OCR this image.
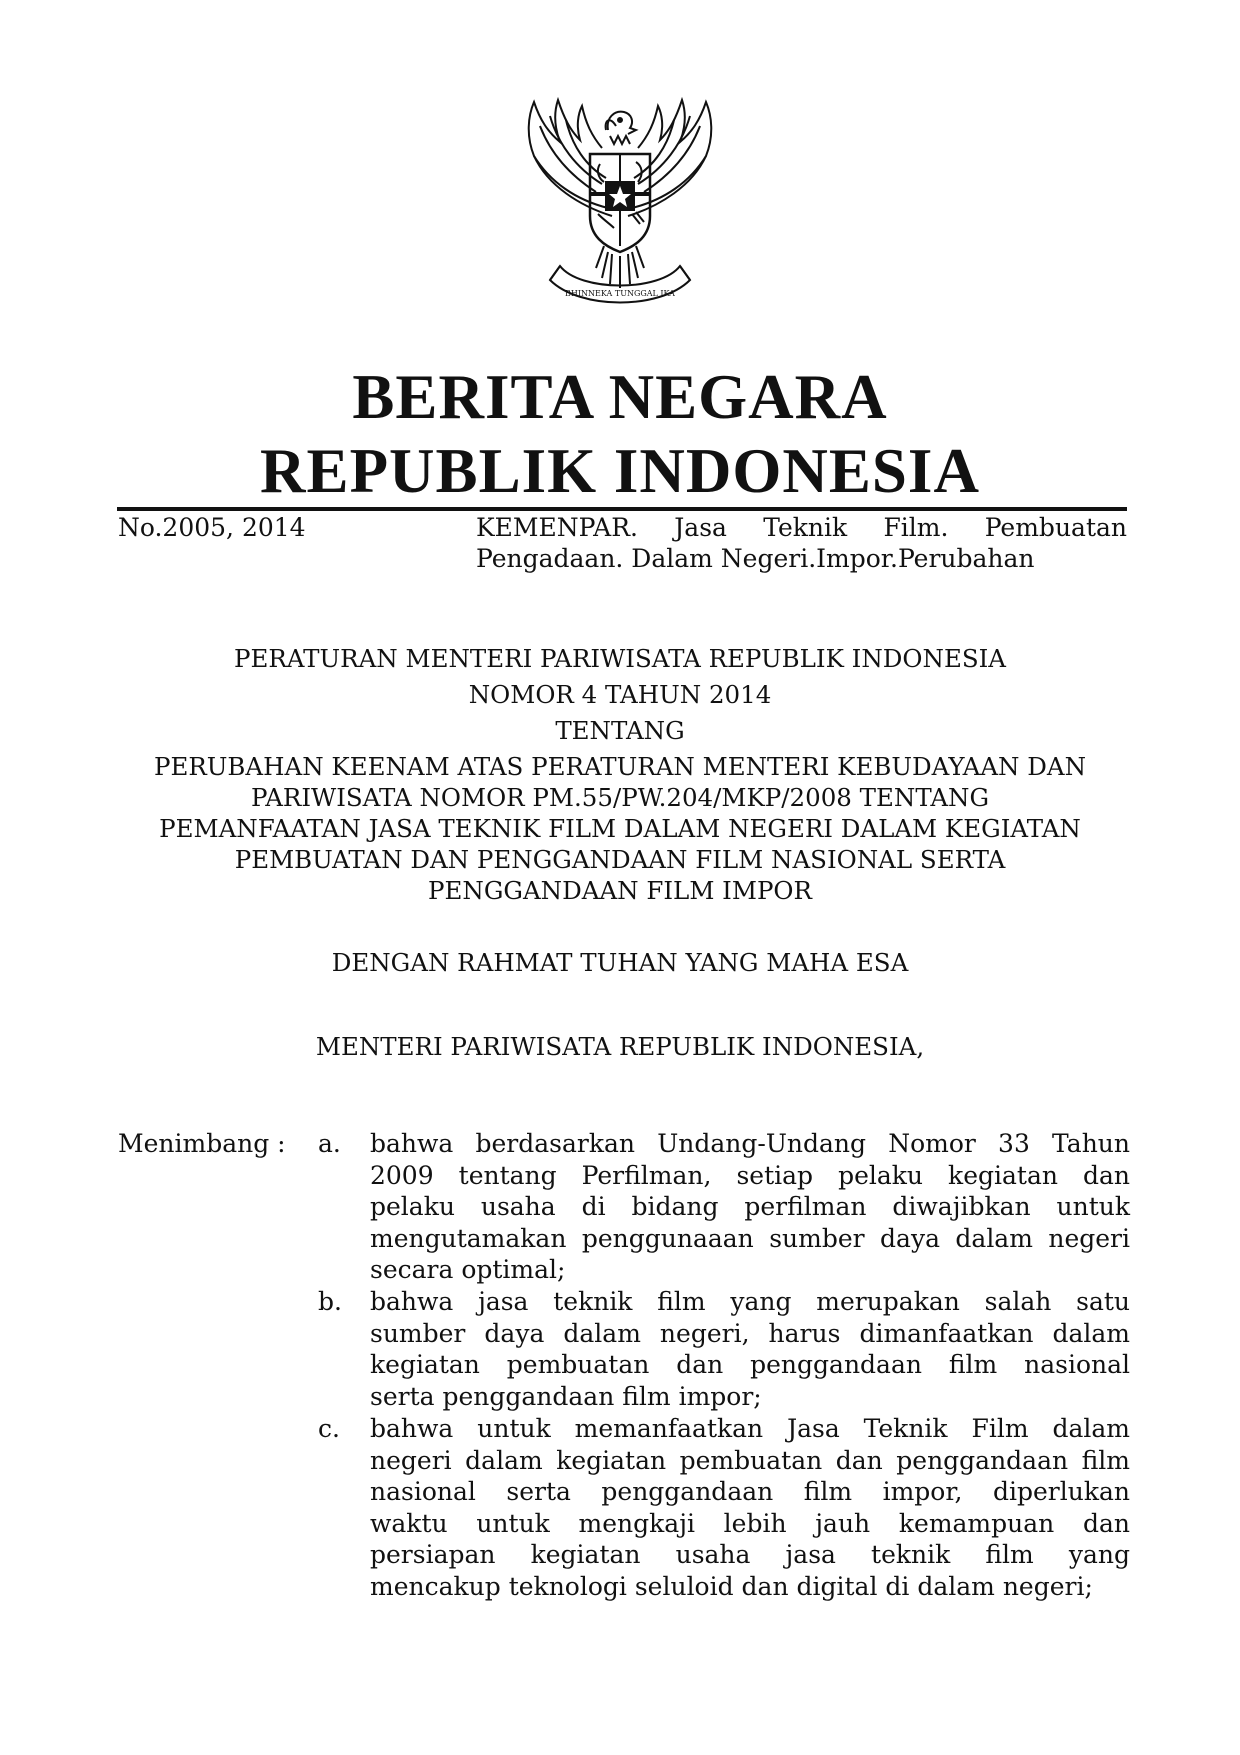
BHINNEKA TUNGGAL IKA
BERITA NEGARA
REPUBLIK INDONESIA
No.2005, 2014	KEMENPAR. Jasa Teknik Film. Pembuatan
Pengadaan. Dalam Negeri.Impor.Perubahan
PERATURAN MENTERI PARIWISATA REPUBLIK INDONESIA
NOMOR 4 TAHUN 2014
TENTANG
PERUBAHAN KEENAM ATAS PERATURAN MENTERI KEBUDAYAAN DAN
PARIWISATA NOMOR PM.55/PW.204/MKP/2008 TENTANG
PEMANFAATAN JASA TEKNIK FILM DALAM NEGERI DALAM KEGIATAN
PEMBUATAN DAN PENGGANDAAN FILM NASIONAL SERTA
PENGGANDAAN FILM IMPOR
DENGAN RAHMAT TUHAN YANG MAHA ESA
MENTERI PARIWISATA REPUBLIK INDONESIA,
Menimbang : a. bahwa berdasarkan Undang-Undang Nomor 33 Tahun
2009 tentang Perfilman, setiap pelaku kegiatan dan
pelaku usaha di bidang perfilman diwajibkan untuk
mengutamakan penggunaaan sumber daya dalam negeri
secara optimal;
b. bahwa jasa teknik film yang merupakan salah satu
sumber daya dalam negeri, harus dimanfaatkan dalam
kegiatan pembuatan dan penggandaan film nasional
serta penggandaan film impor;
c. bahwa untuk memanfaatkan Jasa Teknik Film dalam
negeri dalam kegiatan pembuatan dan penggandaan film
nasional serta penggandaan film impor, diperlukan
waktu untuk mengkaji lebih jauh kemampuan dan
persiapan kegiatan usaha jasa teknik film yang
mencakup teknologi seluloid dan digital di dalam negeri;
